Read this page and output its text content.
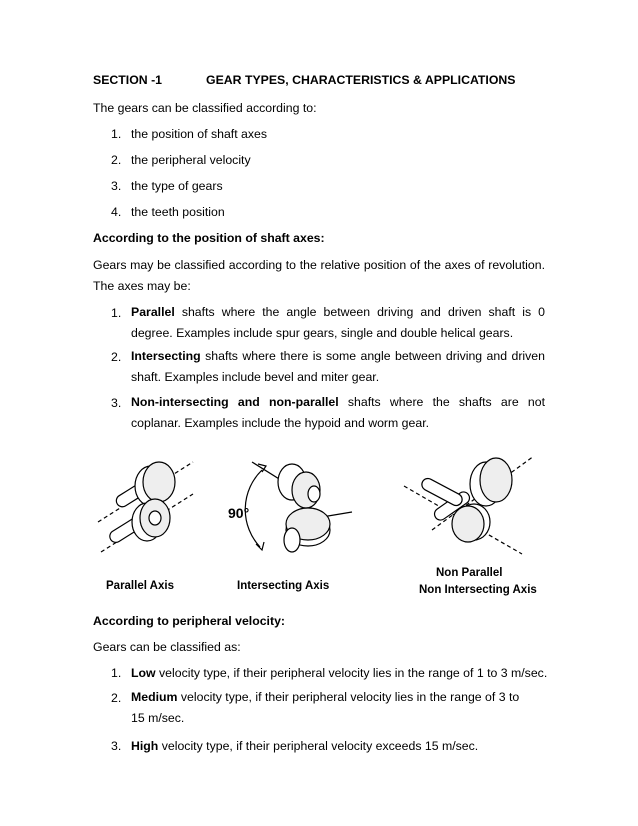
SECTION -1	GEAR TYPES, CHARACTERISTICS & APPLICATIONS
The gears can be classified according to:
1. the position of shaft axes
2. the peripheral velocity
3. the type of gears
4. the teeth position
According to the position of shaft axes:
Gears may be classified according to the relative position of the axes of revolution. The axes may be:
1. Parallel shafts where the angle between driving and driven shaft is 0 degree. Examples include spur gears, single and double helical gears.
2. Intersecting shafts where there is some angle between driving and driven shaft. Examples include bevel and miter gear.
3. Non-intersecting and non-parallel shafts where the shafts are not coplanar. Examples include the hypoid and worm gear.
Parallel Axis
90°
Intersecting Axis
Non Parallel
Non Intersecting Axis
According to peripheral velocity:
Gears can be classified as:
1. Low velocity type, if their peripheral velocity lies in the range of 1 to 3 m/sec.
2. Medium velocity type, if their peripheral velocity lies in the range of 3 to 15 m/sec.
3. High velocity type, if their peripheral velocity exceeds 15 m/sec.
